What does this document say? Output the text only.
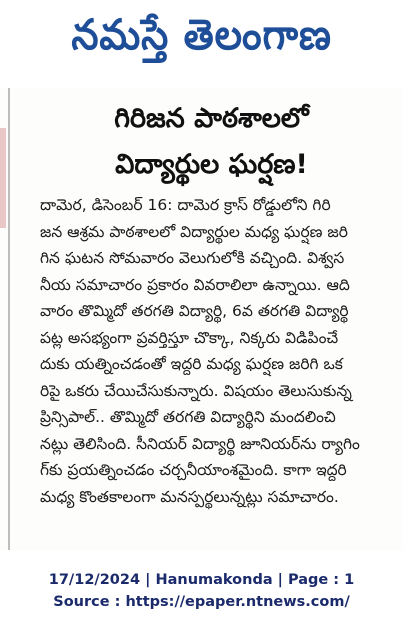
నమస్తే తెలంగాణ
గిరిజన పాఠశాలలో
విద్యార్థుల ఘర్షణ!
దామెర, డిసెంబర్ 16: దామెర క్రాస్ రోడ్డులోని గిరి
జన ఆశ్రమ పాఠశాలలో విద్యార్థుల మధ్య ఘర్షణ జరి
గిన ఘటన సోమవారం వెలుగులోకి వచ్చింది. విశ్వస
నీయ సమాచారం ప్రకారం వివరాలిలా ఉన్నాయి. ఆది
వారం తొమ్మిదో తరగతి విద్యార్థి, 6వ తరగతి విద్యార్థి
పట్ల అసభ్యంగా ప్రవర్తిస్తూ చొక్కా, నిక్కరు విడిపించే
దుకు యత్నించడంతో ఇద్దరి మధ్య ఘర్షణ జరిగి ఒక
రిపై ఒకరు చేయిచేసుకున్నారు. విషయం తెలుసుకున్న
ప్రిన్సిపాల్.. తొమ్మిదో తరగతి విద్యార్థిని మందలించి
నట్లు తెలిసింది. సీనియర్ విద్యార్థి జూనియర్‌ను ర్యాగిం
గ్‌కు ప్రయత్నించడం చర్చనీయాంశమైంది. కాగా ఇద్దరి
మధ్య కొంతకాలంగా మనస్పర్థలున్నట్లు సమాచారం.
17/12/2024 | Hanumakonda | Page : 1
Source : https://epaper.ntnews.com/
